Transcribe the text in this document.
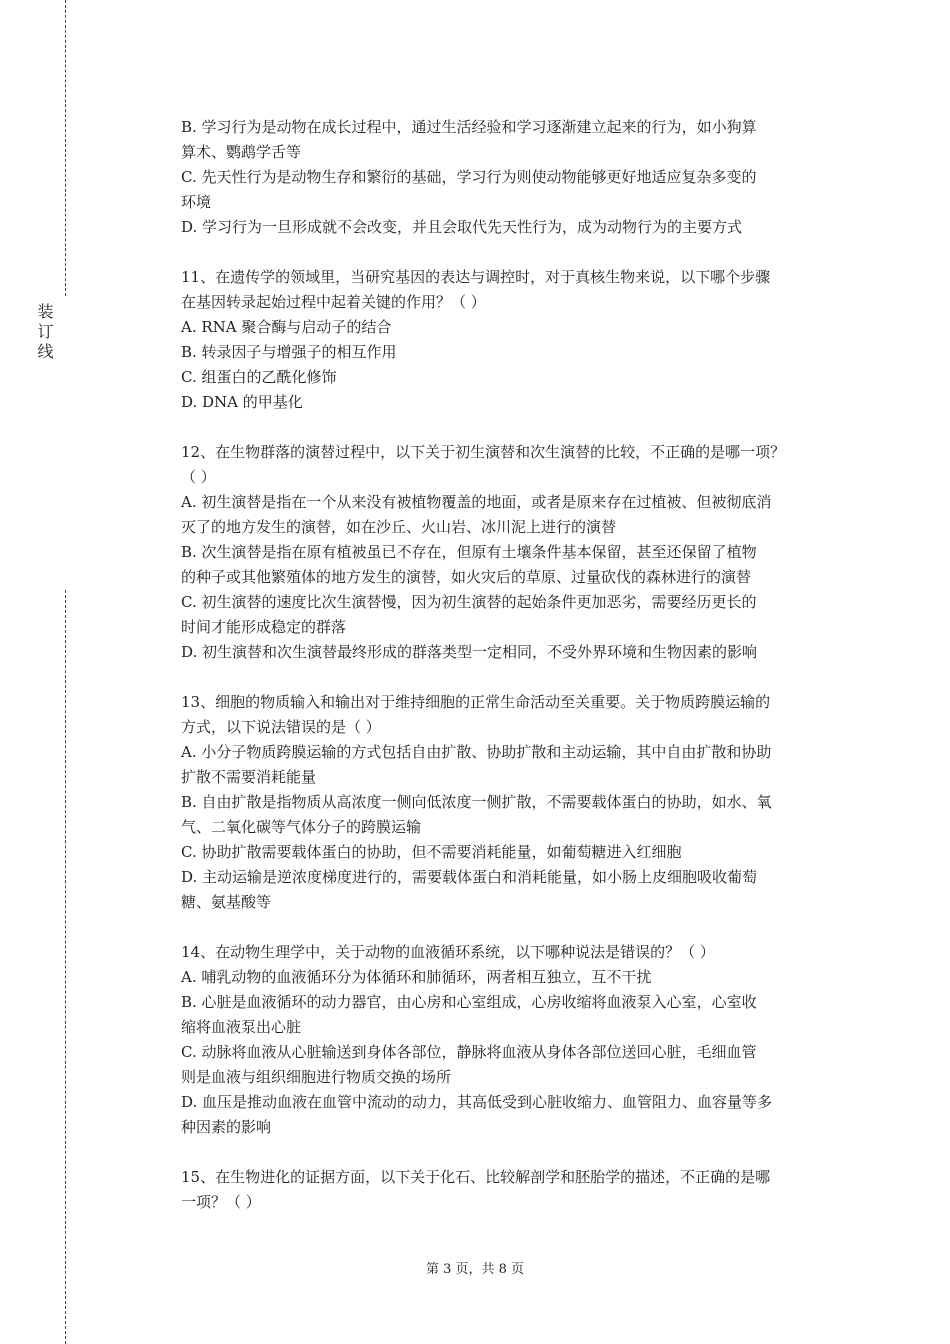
装订线
B. 学习行为是动物在成长过程中，通过生活经验和学习逐渐建立起来的行为，如小狗算
算术、鹦鹉学舌等
C. 先天性行为是动物生存和繁衍的基础，学习行为则使动物能够更好地适应复杂多变的
环境
D. 学习行为一旦形成就不会改变，并且会取代先天性行为，成为动物行为的主要方式
11、在遗传学的领域里，当研究基因的表达与调控时，对于真核生物来说，以下哪个步骤
在基因转录起始过程中起着关键的作用？（ ）
A. RNA 聚合酶与启动子的结合
B. 转录因子与增强子的相互作用
C. 组蛋白的乙酰化修饰
D. DNA 的甲基化
12、在生物群落的演替过程中，以下关于初生演替和次生演替的比较，不正确的是哪一项？
（ ）
A. 初生演替是指在一个从来没有被植物覆盖的地面，或者是原来存在过植被、但被彻底消
灭了的地方发生的演替，如在沙丘、火山岩、冰川泥上进行的演替
B. 次生演替是指在原有植被虽已不存在，但原有土壤条件基本保留，甚至还保留了植物
的种子或其他繁殖体的地方发生的演替，如火灾后的草原、过量砍伐的森林进行的演替
C. 初生演替的速度比次生演替慢，因为初生演替的起始条件更加恶劣，需要经历更长的
时间才能形成稳定的群落
D. 初生演替和次生演替最终形成的群落类型一定相同，不受外界环境和生物因素的影响
13、细胞的物质输入和输出对于维持细胞的正常生命活动至关重要。关于物质跨膜运输的
方式，以下说法错误的是（ ）
A. 小分子物质跨膜运输的方式包括自由扩散、协助扩散和主动运输，其中自由扩散和协助
扩散不需要消耗能量
B. 自由扩散是指物质从高浓度一侧向低浓度一侧扩散，不需要载体蛋白的协助，如水、氧
气、二氧化碳等气体分子的跨膜运输
C. 协助扩散需要载体蛋白的协助，但不需要消耗能量，如葡萄糖进入红细胞
D. 主动运输是逆浓度梯度进行的，需要载体蛋白和消耗能量，如小肠上皮细胞吸收葡萄
糖、氨基酸等
14、在动物生理学中，关于动物的血液循环系统，以下哪种说法是错误的？（ ）
A. 哺乳动物的血液循环分为体循环和肺循环，两者相互独立，互不干扰
B. 心脏是血液循环的动力器官，由心房和心室组成，心房收缩将血液泵入心室，心室收
缩将血液泵出心脏
C. 动脉将血液从心脏输送到身体各部位，静脉将血液从身体各部位送回心脏，毛细血管
则是血液与组织细胞进行物质交换的场所
D. 血压是推动血液在血管中流动的动力，其高低受到心脏收缩力、血管阻力、血容量等多
种因素的影响
15、在生物进化的证据方面，以下关于化石、比较解剖学和胚胎学的描述，不正确的是哪
一项？（ ）
第 3 页，共 8 页
